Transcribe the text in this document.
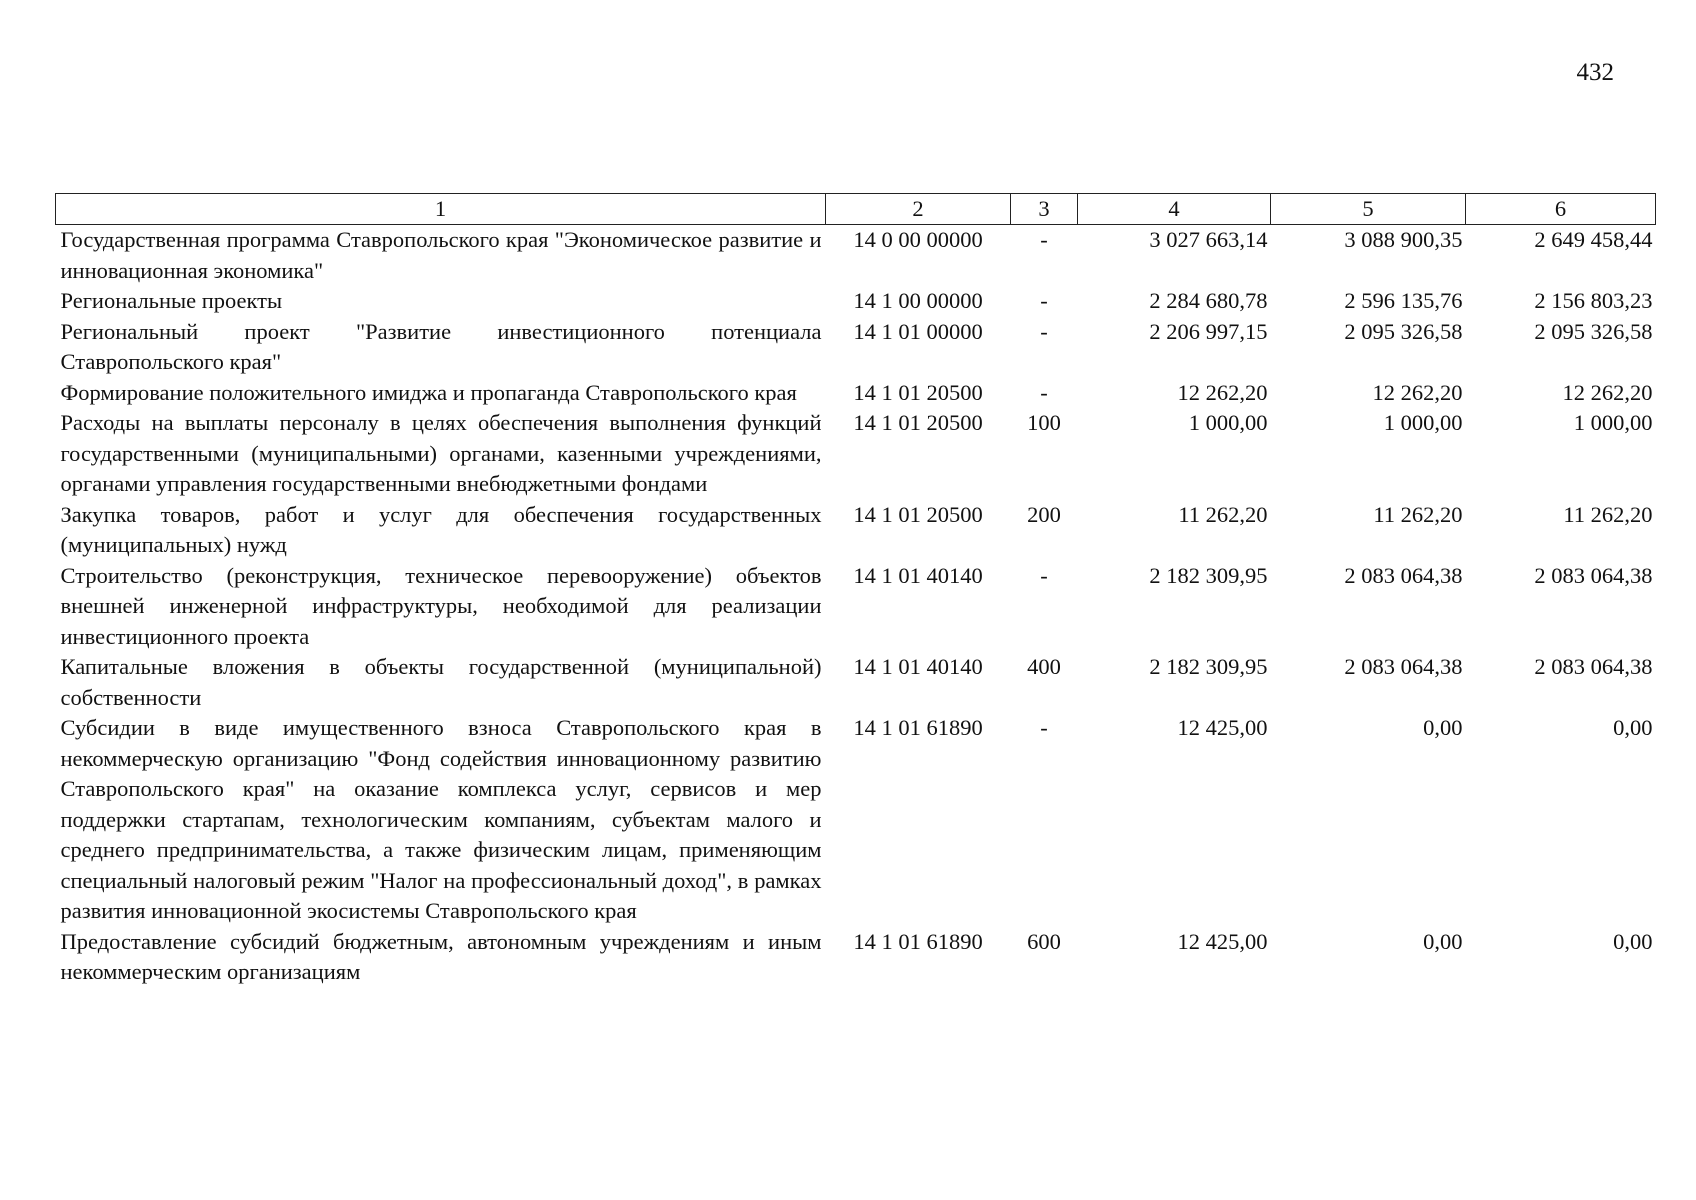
432
1	2	3	4	5	6
Государственная программа Ставропольского края "Экономическое развитие и инновационная экономика"	14 0 00 00000	-	3 027 663,14	3 088 900,35	2 649 458,44
Региональные проекты	14 1 00 00000	-	2 284 680,78	2 596 135,76	2 156 803,23
Региональный проект "Развитие инвестиционного потенциала Ставропольского края"	14 1 01 00000	-	2 206 997,15	2 095 326,58	2 095 326,58
Формирование положительного имиджа и пропаганда Ставропольского края	14 1 01 20500	-	12 262,20	12 262,20	12 262,20
Расходы на выплаты персоналу в целях обеспечения выполнения функций государственными (муниципальными) органами, казенными учреждениями, органами управления государственными внебюджетными фондами	14 1 01 20500	100	1 000,00	1 000,00	1 000,00
Закупка товаров, работ и услуг для обеспечения государственных (муниципальных) нужд	14 1 01 20500	200	11 262,20	11 262,20	11 262,20
Строительство (реконструкция, техническое перевооружение) объектов внешней инженерной инфраструктуры, необходимой для реализации инвестиционного проекта	14 1 01 40140	-	2 182 309,95	2 083 064,38	2 083 064,38
Капитальные вложения в объекты государственной (муниципальной) собственности	14 1 01 40140	400	2 182 309,95	2 083 064,38	2 083 064,38
Субсидии в виде имущественного взноса Ставропольского края в некоммерческую организацию "Фонд содействия инновационному развитию Ставропольского края" на оказание комплекса услуг, сервисов и мер поддержки стартапам, технологическим компаниям, субъектам малого и среднего предпринимательства, а также физическим лицам, применяющим специальный налоговый режим "Налог на профессиональный доход", в рамках развития инновационной экосистемы Ставропольского края	14 1 01 61890	-	12 425,00	0,00	0,00
Предоставление субсидий бюджетным, автономным учреждениям и иным некоммерческим организациям	14 1 01 61890	600	12 425,00	0,00	0,00
